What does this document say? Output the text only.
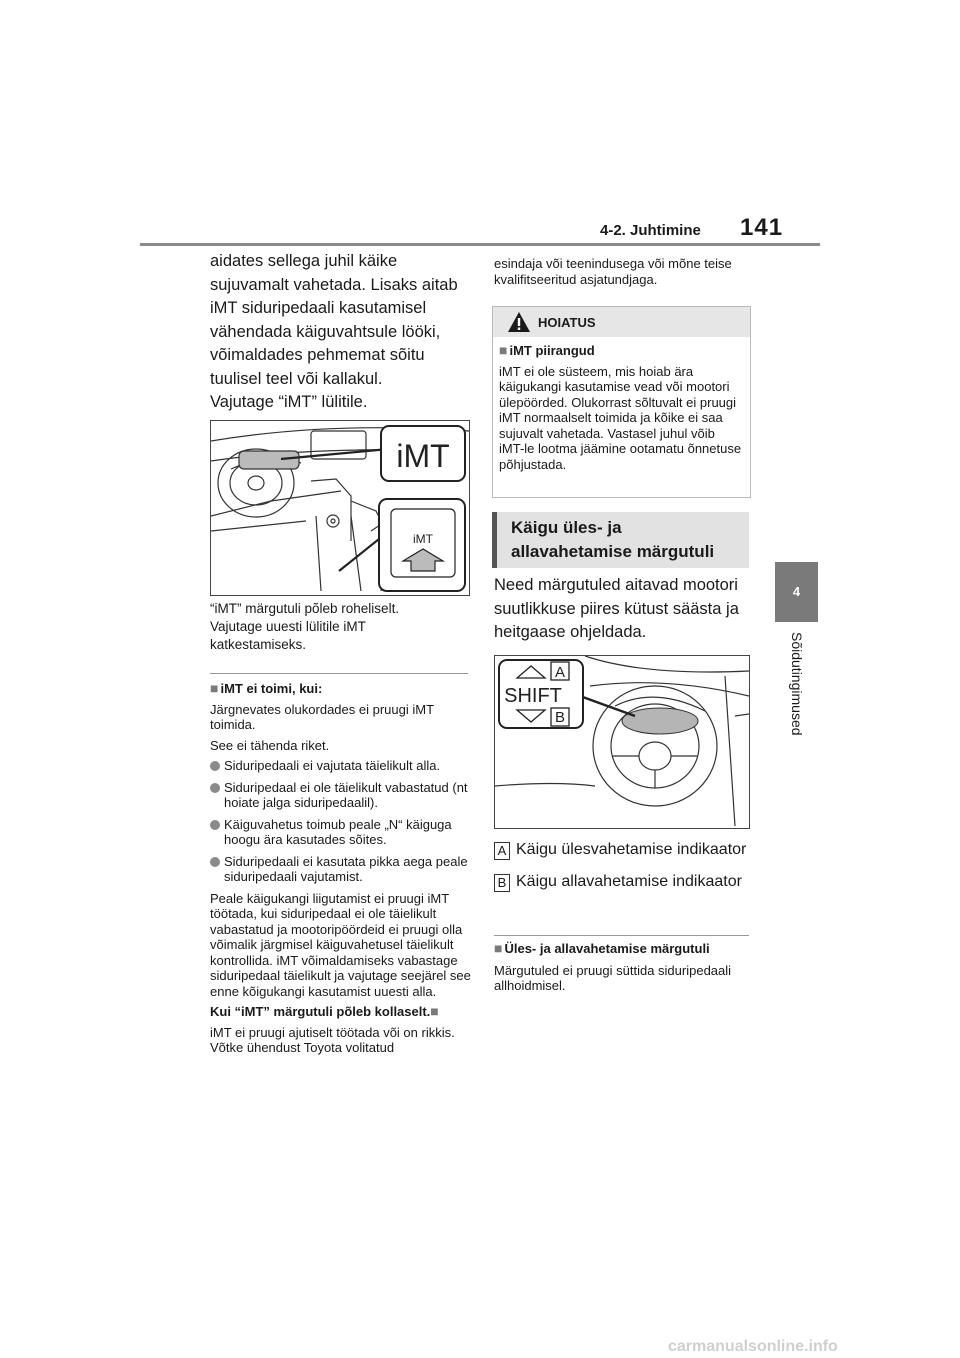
4-2. Juhtimine 141
4
Sõidutingimused

aidates sellega juhil käike

sujuvamalt vahetada. Lisaks aitab

iMT siduripedaali kasutamisel

vähendada käiguvahtsule lööki,

võimaldades pehmemat sõitu

tuulisel teel või kallakul.

Vajutage “iMT” lülitile.

iMT
iMT

“iMT” märgutuli põleb roheliselt.

Vajutage uuesti lülitile iMT

katkestamiseks.

■ iMT ei toimi, kui:

Järgnevates olukordades ei pruugi iMT toimida.

See ei tähenda riket.

Siduripedaali ei vajutata täielikult alla.
Siduripedaal ei ole täielikult vabastatud (nt hoiate jalga siduripedaalil).
Käiguvahetus toimub peale „N“ käiguga hoogu ära kasutades sõites.
Siduripedaali ei kasutata pikka aega peale siduripedaali vajutamist.

Peale käigukangi liigutamist ei pruugi iMT töötada, kui siduripedaal ei ole täielikult vabastatud ja mootoripöördeid ei pruugi olla võimalik järgmisel käiguvahetusel täielikult kontrollida. iMT võimaldamiseks vabastage siduripedaal täielikult ja vajutage seejärel see enne kõigukangi kasutamist uuesti alla.

Kui “iMT” märgutuli põleb kollaselt.■

iMT ei pruugi ajutiselt töötada või on rikkis. Võtke ühendust Toyota volitatud

esindaja või teenindusega või mõne teise kvalifitseeritud asjatundjaga.

HOIATUS

■ iMT piirangud

iMT ei ole süsteem, mis hoiab ära käigukangi kasutamise vead või mootori ülepöörded. Olukorrast sõltuvalt ei pruugi iMT normaalselt toimida ja kõike ei saa sujuvalt vahetada. Vastasel juhul võib iMT-le lootma jäämine ootamatu õnnetuse põhjustada.

Käigu üles- ja
allavahetamise märgutuli

Need märgutuled aitavad mootori

suutlikkuse piires kütust säästa ja

heitgaase ohjeldada.

A
SHIFT
B
A Käigu ülesvahetamise indikaator
B Käigu allavahetamise indikaator

■ Üles- ja allavahetamise märgutuli

Märgutuled ei pruugi süttida siduripedaali allhoidmisel.

carmanualsonline.info
